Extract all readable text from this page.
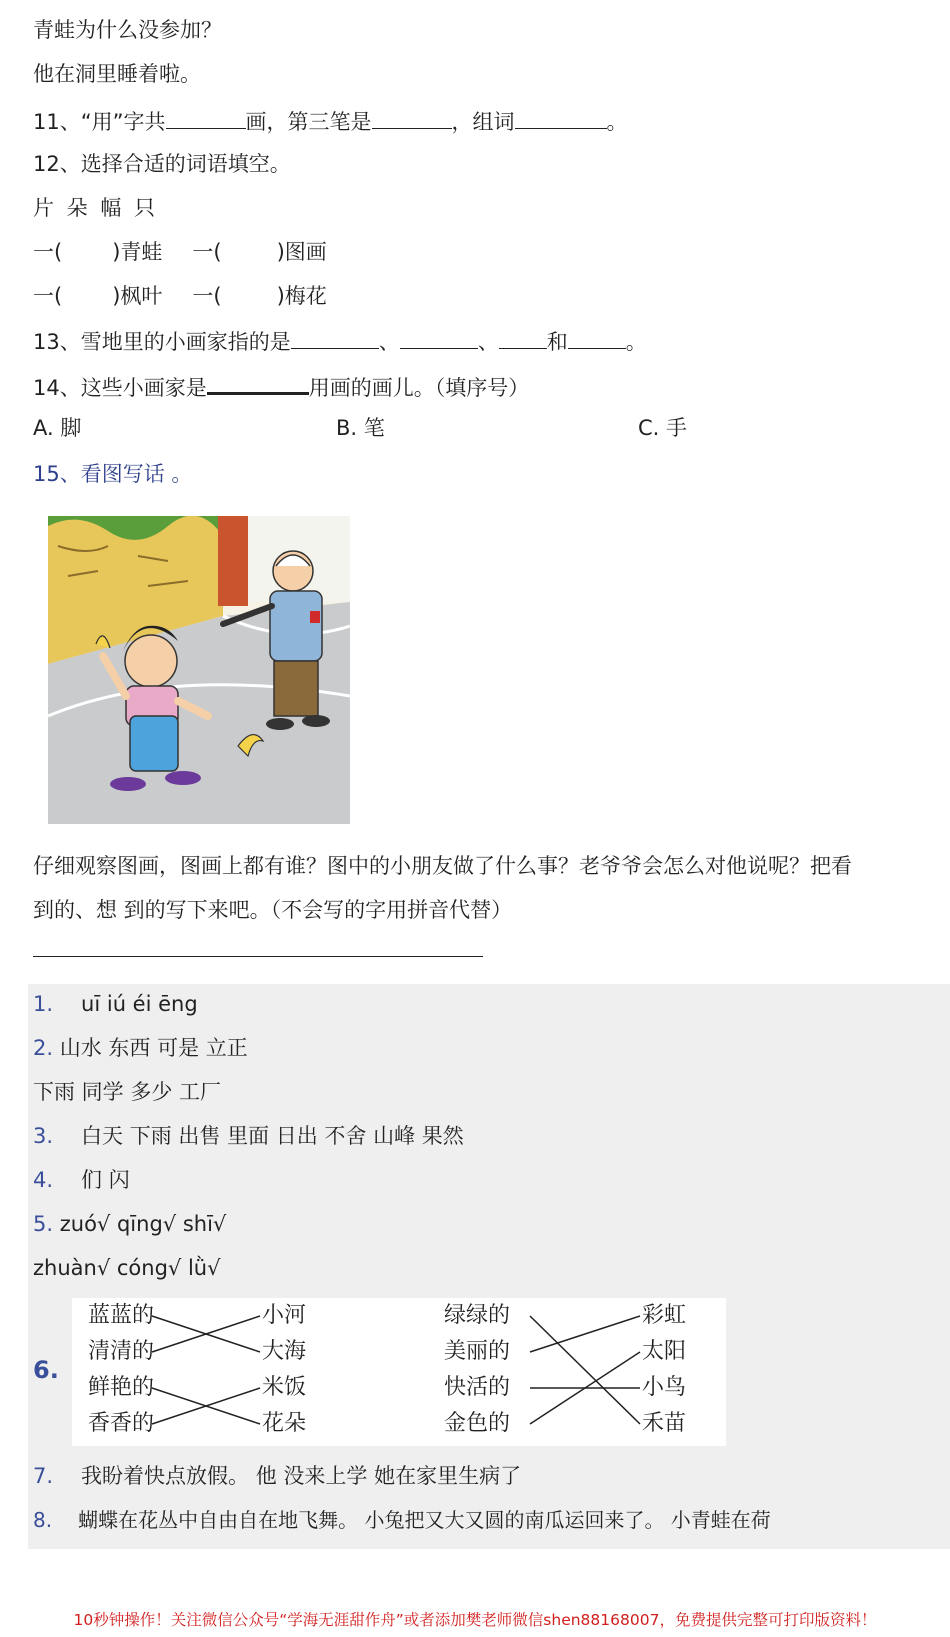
青蛙为什么没参加？
他在洞里睡着啦。
11、“用”字共	画，第三笔是	，组词	。
12、选择合适的词语填空。
片 朵 幅 只
一( )青蛙 一(	)图画
一( )枫叶 一(	)梅花
13、雪地里的小画家指的是	、	、 和	。
14、这些小画家是	用画的画儿。（填序号）
A. 脚	B. 笔	C. 手
15、看图写话 。
仔细观察图画，图画上都有谁？图中的小朋友做了什么事？老爷爷会怎么对他说呢？把看
到的、想 到的写下来吧。（不会写的字用拼音代替）
1. uī iú éi ēng
2. 山水 东西 可是 立正
下雨 同学 多少 工厂
3. 白天 下雨 出售 里面 日出 不舍 山峰 果然
4. 们 闪
5. zuó√ qīng√ shī√
zhuàn√ cóng√ lǜ√
6.
蓝蓝的
清清的
鲜艳的
香香的
小河
大海
米饭
花朵
绿绿的
美丽的
快活的
金色的
彩虹
太阳
小鸟
禾苗
7. 我盼着快点放假。 他 没来上学 她在家里生病了
8. 蝴蝶在花丛中自由自在地飞舞。 小兔把又大又圆的南瓜运回来了。 小青蛙在荷
10秒钟操作！关注微信公众号“学海无涯甜作舟”或者添加樊老师微信shen88168007，免费提供完整可打印版资料！
